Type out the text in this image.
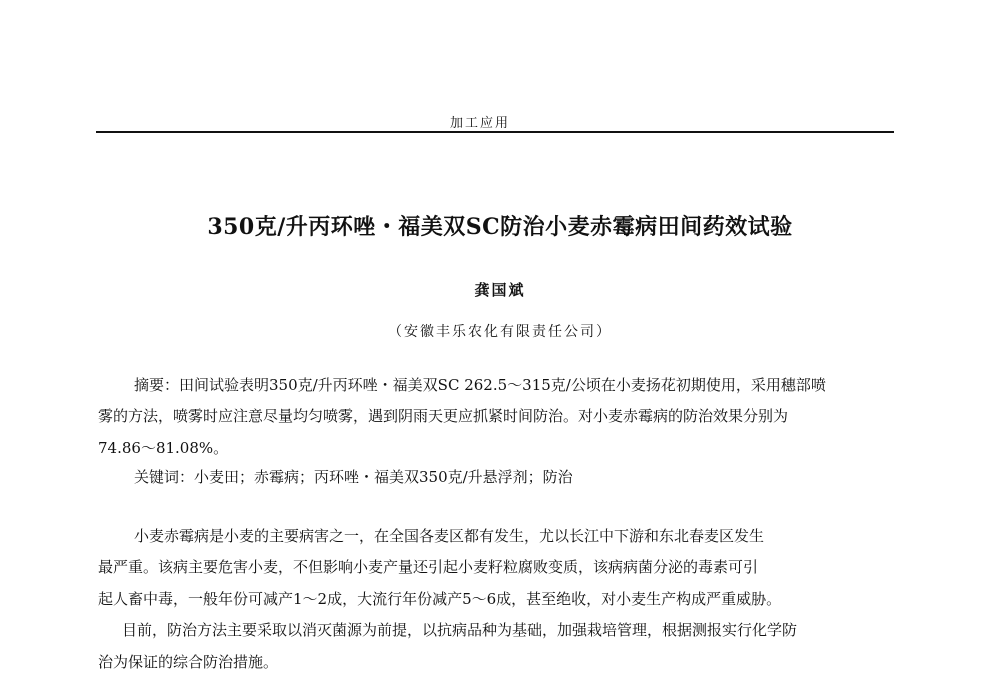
加工应用
350克/升丙环唑・福美双SC防治小麦赤霉病田间药效试验
龚国斌
（安徽丰乐农化有限责任公司）
摘要：田间试验表明350克/升丙环唑・福美双SC 262.5～315克/公顷在小麦扬花初期使用，采用穗部喷
雾的方法，喷雾时应注意尽量均匀喷雾，遇到阴雨天更应抓紧时间防治。对小麦赤霉病的防治效果分别为
74.86～81.08%。
关键词：小麦田；赤霉病；丙环唑・福美双350克/升悬浮剂；防治
小麦赤霉病是小麦的主要病害之一，在全国各麦区都有发生，尤以长江中下游和东北春麦区发生
最严重。该病主要危害小麦，不但影响小麦产量还引起小麦籽粒腐败变质，该病病菌分泌的毒素可引
起人畜中毒，一般年份可减产1～2成，大流行年份减产5～6成，甚至绝收，对小麦生产构成严重威胁。
目前，防治方法主要采取以消灭菌源为前提，以抗病品种为基础，加强栽培管理，根据测报实行化学防
治为保证的综合防治措施。
